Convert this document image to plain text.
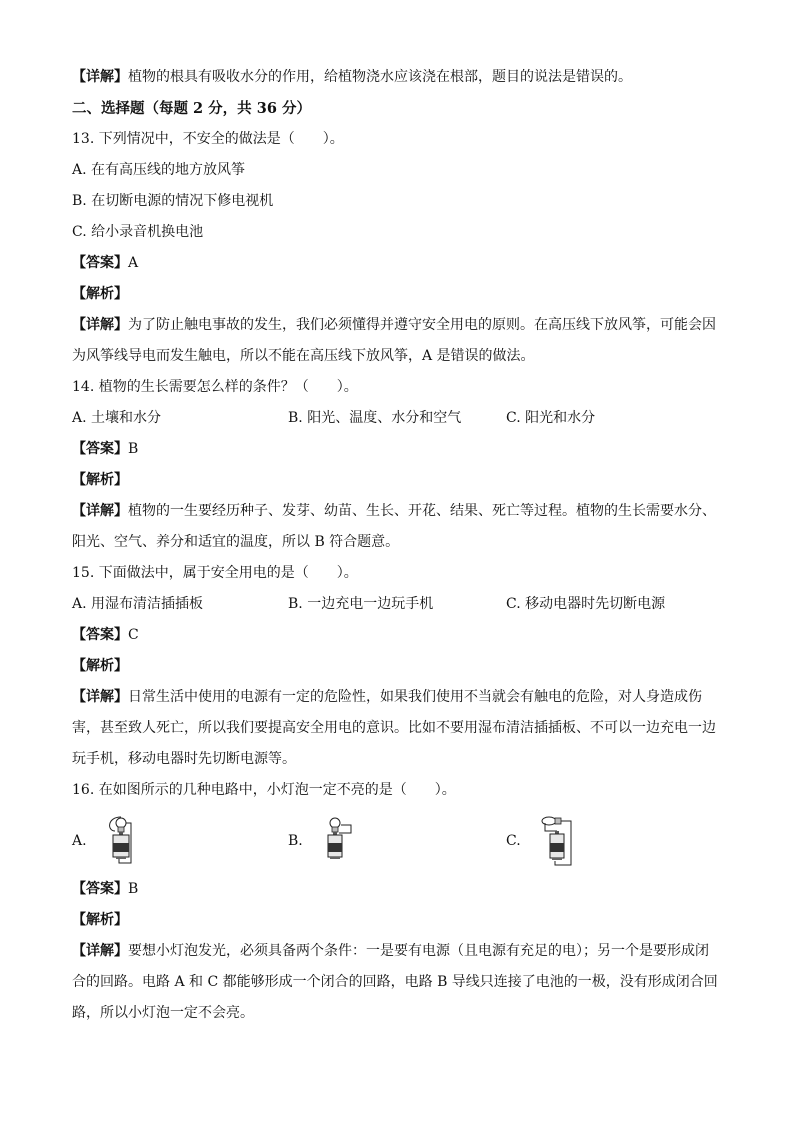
【详解】植物的根具有吸收水分的作用，给植物浇水应该浇在根部，题目的说法是错误的。
二、选择题（每题 2 分，共 36 分）
13. 下列情况中，不安全的做法是（　　）。
A. 在有高压线的地方放风筝
B. 在切断电源的情况下修电视机
C. 给小录音机换电池
【答案】A
【解析】
【详解】为了防止触电事故的发生，我们必须懂得并遵守安全用电的原则。在高压线下放风筝，可能会因为风筝线导电而发生触电，所以不能在高压线下放风筝，A 是错误的做法。
14. 植物的生长需要怎么样的条件？（　　）。
A. 土壤和水分	B. 阳光、温度、水分和空气	C. 阳光和水分
【答案】B
【解析】
【详解】植物的一生要经历种子、发芽、幼苗、生长、开花、结果、死亡等过程。植物的生长需要水分、阳光、空气、养分和适宜的温度，所以 B 符合题意。
15. 下面做法中，属于安全用电的是（　　）。
A. 用湿布清洁插插板	B. 一边充电一边玩手机	C. 移动电器时先切断电源
【答案】C
【解析】
【详解】日常生活中使用的电源有一定的危险性，如果我们使用不当就会有触电的危险，对人身造成伤害，甚至致人死亡，所以我们要提高安全用电的意识。比如不要用湿布清洁插插板、不可以一边充电一边玩手机，移动电器时先切断电源等。
16. 在如图所示的几种电路中，小灯泡一定不亮的是（　　）。
A.	B.	C.
【答案】B
【解析】
【详解】要想小灯泡发光，必须具备两个条件：一是要有电源（且电源有充足的电）；另一个是要形成闭合的回路。电路 A 和 C 都能够形成一个闭合的回路，电路 B 导线只连接了电池的一极，没有形成闭合回路，所以小灯泡一定不会亮。
